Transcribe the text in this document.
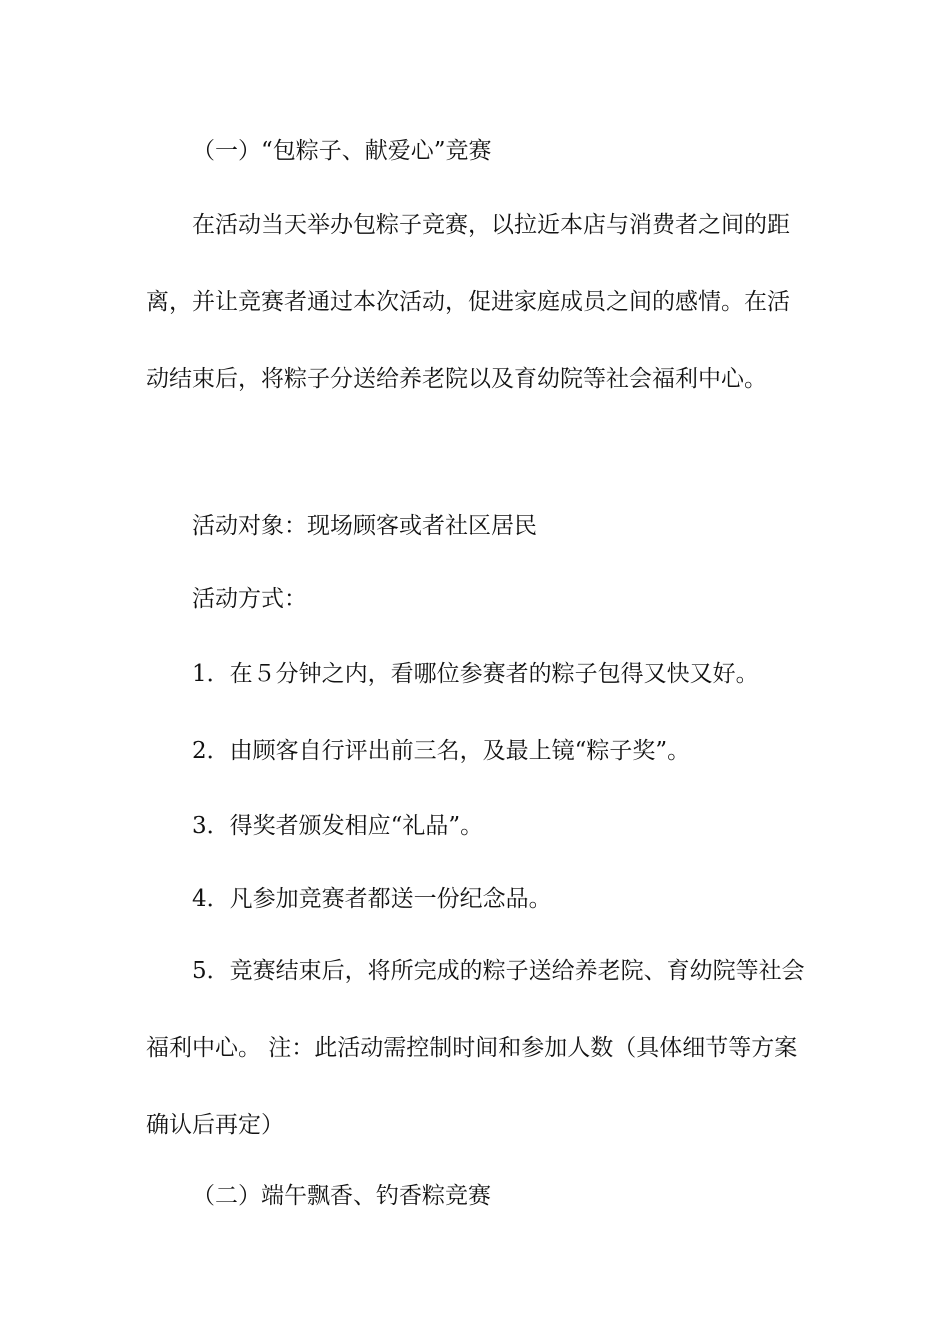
（一）“包粽子、献爱心”竞赛

在活动当天举办包粽子竞赛，以拉近本店与消费者之间的距离，并让竞赛者通过本次活动，促进家庭成员之间的感情。在活动结束后，将粽子分送给养老院以及育幼院等社会福利中心。

活动对象：现场顾客或者社区居民

活动方式：

1．在５分钟之内，看哪位参赛者的粽子包得又快又好。

2．由顾客自行评出前三名，及最上镜“粽子奖”。

3．得奖者颁发相应“礼品”。

4．凡参加竞赛者都送一份纪念品。

5．竞赛结束后，将所完成的粽子送给养老院、育幼院等社会福利中心。 注：此活动需控制时间和参加人数（具体细节等方案确认后再定）

（二）端午飘香、钓香粽竞赛
